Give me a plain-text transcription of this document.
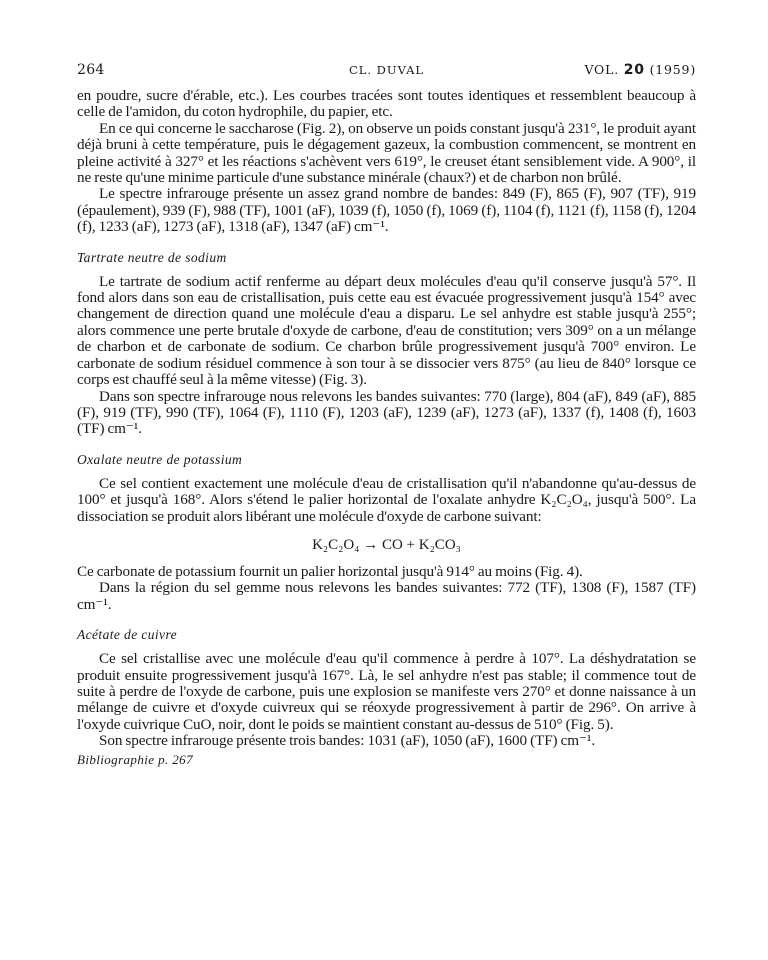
264	CL. DUVAL	VOL. 20 (1959)

en poudre, sucre d'érable, etc.). Les courbes tracées sont toutes identiques et ressemblent beaucoup à celle de l'amidon, du coton hydrophile, du papier, etc.

En ce qui concerne le saccharose (Fig. 2), on observe un poids constant jusqu'à 231°, le produit ayant déjà bruni à cette température, puis le dégagement gazeux, la combustion commencent, se montrent en pleine activité à 327° et les réactions s'achèvent vers 619°, le creuset étant sensiblement vide. A 900°, il ne reste qu'une minime particule d'une substance minérale (chaux?) et de charbon non brûlé.

Le spectre infrarouge présente un assez grand nombre de bandes: 849 (F), 865 (F), 907 (TF), 919 (épaulement), 939 (F), 988 (TF), 1001 (aF), 1039 (f), 1050 (f), 1069 (f), 1104 (f), 1121 (f), 1158 (f), 1204 (f), 1233 (aF), 1273 (aF), 1318 (aF), 1347 (aF) cm⁻¹.

Tartrate neutre de sodium

Le tartrate de sodium actif renferme au départ deux molécules d'eau qu'il conserve jusqu'à 57°. Il fond alors dans son eau de cristallisation, puis cette eau est évacuée progressivement jusqu'à 154° avec changement de direction quand une molécule d'eau a disparu. Le sel anhydre est stable jusqu'à 255°; alors commence une perte brutale d'oxyde de carbone, d'eau de constitution; vers 309° on a un mélange de charbon et de carbonate de sodium. Ce charbon brûle progressivement jusqu'à 700° environ. Le carbonate de sodium résiduel commence à son tour à se dissocier vers 875° (au lieu de 840° lorsque ce corps est chauffé seul à la même vitesse) (Fig. 3).

Dans son spectre infrarouge nous relevons les bandes suivantes: 770 (large), 804 (aF), 849 (aF), 885 (F), 919 (TF), 990 (TF), 1064 (F), 1110 (F), 1203 (aF), 1239 (aF), 1273 (aF), 1337 (f), 1408 (f), 1603 (TF) cm⁻¹.

Oxalate neutre de potassium

Ce sel contient exactement une molécule d'eau de cristallisation qu'il n'abandonne qu'au-dessus de 100° et jusqu'à 168°. Alors s'étend le palier horizontal de l'oxalate anhydre K₂C₂O₄, jusqu'à 500°. La dissociation se produit alors libérant une molécule d'oxyde de carbone suivant:

K₂C₂O₄ → CO + K₂CO₃

Ce carbonate de potassium fournit un palier horizontal jusqu'à 914° au moins (Fig. 4).

Dans la région du sel gemme nous relevons les bandes suivantes: 772 (TF), 1308 (F), 1587 (TF) cm⁻¹.

Acétate de cuivre

Ce sel cristallise avec une molécule d'eau qu'il commence à perdre à 107°. La déshydratation se produit ensuite progressivement jusqu'à 167°. Là, le sel anhydre n'est pas stable; il commence tout de suite à perdre de l'oxyde de carbone, puis une explosion se manifeste vers 270° et donne naissance à un mélange de cuivre et d'oxyde cuivreux qui se réoxyde progressivement à partir de 296°. On arrive à l'oxyde cuivrique CuO, noir, dont le poids se maintient constant au-dessus de 510° (Fig. 5).

Son spectre infrarouge présente trois bandes: 1031 (aF), 1050 (aF), 1600 (TF) cm⁻¹.

Bibliographie p. 267
